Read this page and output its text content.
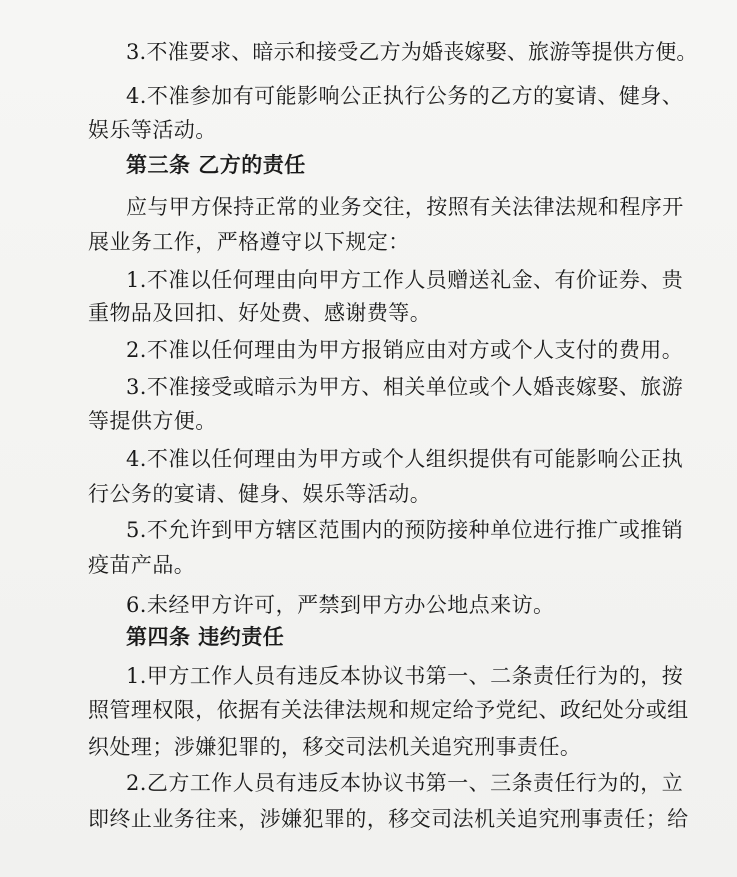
3.不准要求、暗示和接受乙方为婚丧嫁娶、旅游等提供方便。
4.不准参加有可能影响公正执行公务的乙方的宴请、健身、
娱乐等活动。
第三条 乙方的责任
应与甲方保持正常的业务交往，按照有关法律法规和程序开
展业务工作，严格遵守以下规定：
1.不准以任何理由向甲方工作人员赠送礼金、有价证券、贵
重物品及回扣、好处费、感谢费等。
2.不准以任何理由为甲方报销应由对方或个人支付的费用。
3.不准接受或暗示为甲方、相关单位或个人婚丧嫁娶、旅游
等提供方便。
4.不准以任何理由为甲方或个人组织提供有可能影响公正执
行公务的宴请、健身、娱乐等活动。
5.不允许到甲方辖区范围内的预防接种单位进行推广或推销
疫苗产品。
6.未经甲方许可，严禁到甲方办公地点来访。
第四条 违约责任
1.甲方工作人员有违反本协议书第一、二条责任行为的，按
照管理权限，依据有关法律法规和规定给予党纪、政纪处分或组
织处理；涉嫌犯罪的，移交司法机关追究刑事责任。
2.乙方工作人员有违反本协议书第一、三条责任行为的，立
即终止业务往来，涉嫌犯罪的，移交司法机关追究刑事责任；给
